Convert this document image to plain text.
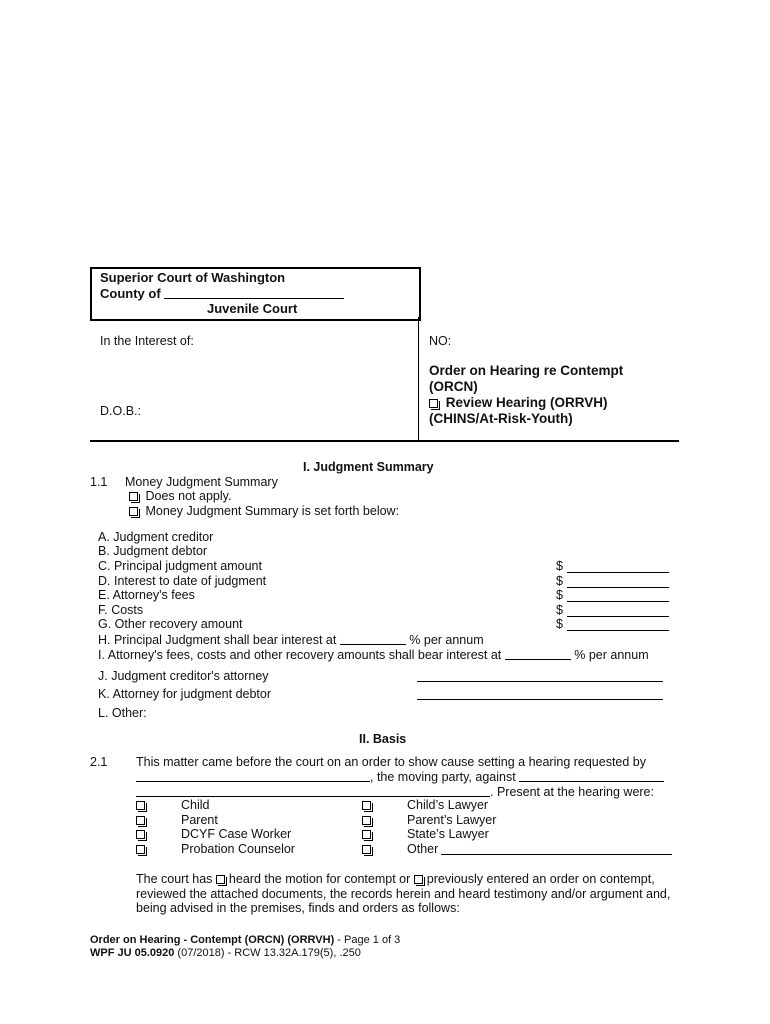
Superior Court of Washington
County of
Juvenile Court
In the Interest of:
D.O.B.:
NO:
Order on Hearing re Contempt
(ORCN)
Review Hearing (ORRVH)
(CHINS/At-Risk-Youth)
I. Judgment Summary
1.1 Money Judgment Summary
Does not apply.
Money Judgment Summary is set forth below:
A. Judgment creditor
B. Judgment debtor
C. Principal judgment amount
D. Interest to date of judgment
E. Attorney's fees
F. Costs
G. Other recovery amount
$
$
$
$
$
H. Principal Judgment shall bear interest at	% per annum
I. Attorney's fees, costs and other recovery amounts shall bear interest at	% per annum
J. Judgment creditor's attorney
K. Attorney for judgment debtor
L. Other:
II. Basis
2.1 This matter came before the court on an order to show cause setting a hearing requested by
, the moving party, against
. Present at the hearing were:
Child
Parent
DCYF Case Worker
Probation Counselor
Child’s Lawyer
Parent’s Lawyer
State’s Lawyer
Other
The court has heard the motion for contempt or previously entered an order on contempt,
reviewed the attached documents, the records herein and heard testimony and/or argument and,
being advised in the premises, finds and orders as follows:
Order on Hearing - Contempt (ORCN) (ORRVH) - Page 1 of 3
WPF JU 05.0920 (07/2018) - RCW 13.32A.179(5), .250
